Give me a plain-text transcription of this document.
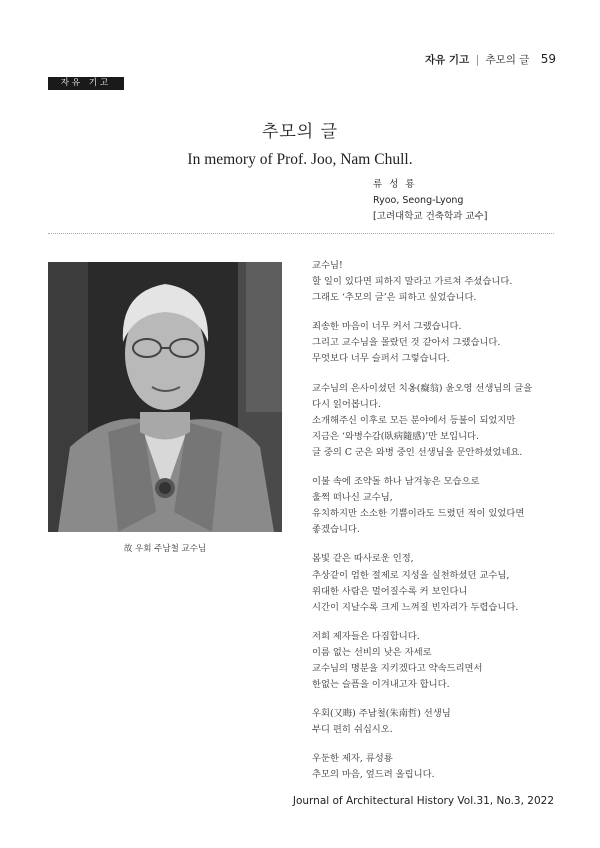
자유 기고 | 추모의 글 59
자유 기고
추모의 글
In memory of Prof. Joo, Nam Chull.
류 성 룡
Ryoo, Seong-Lyong
[고려대학교 건축학과 교수]
故 우회 주남철 교수님

교수님!
할 일이 있다면 피하지 말라고 가르쳐 주셨습니다.
그래도 ‘추모의 글’은 피하고 싶었습니다.

죄송한 마음이 너무 커서 그랬습니다.
그리고 교수님을 몰랐던 것 같아서 그랬습니다.
무엇보다 너무 슬퍼서 그렇습니다.

교수님의 은사이셨던 치옹(癡翁) 윤오영 선생님의 글을
다시 읽어봅니다.
소개해주신 이후로 모든 분야에서 등불이 되었지만
지금은 ‘와병수감(臥病隨感)’만 보입니다.
글 중의 C 군은 와병 중인 선생님을 문안하셨었네요.

이불 속에 조약돌 하나 남겨놓은 모습으로
훌쩍 떠나신 교수님,
유치하지만 소소한 기쁨이라도 드렸던 적이 있었다면
좋겠습니다.

봄빛 같은 따사로운 인정,
추상같이 엄한 절제로 지성을 실천하셨던 교수님,
위대한 사람은 멀어질수록 커 보인다니
시간이 지날수록 크게 느껴질 빈자리가 두렵습니다.

저희 제자들은 다짐합니다.
이름 없는 선비의 낮은 자세로
교수님의 명분을 지키겠다고 약속드리면서
한없는 슬픔을 이겨내고자 합니다.

우회(又晦) 주남철(朱南哲) 선생님
부디 편히 쉬십시오.

우둔한 제자, 류성룡
추모의 마음, 엎드려 올립니다.

Journal of Architectural History Vol.31, No.3, 2022
